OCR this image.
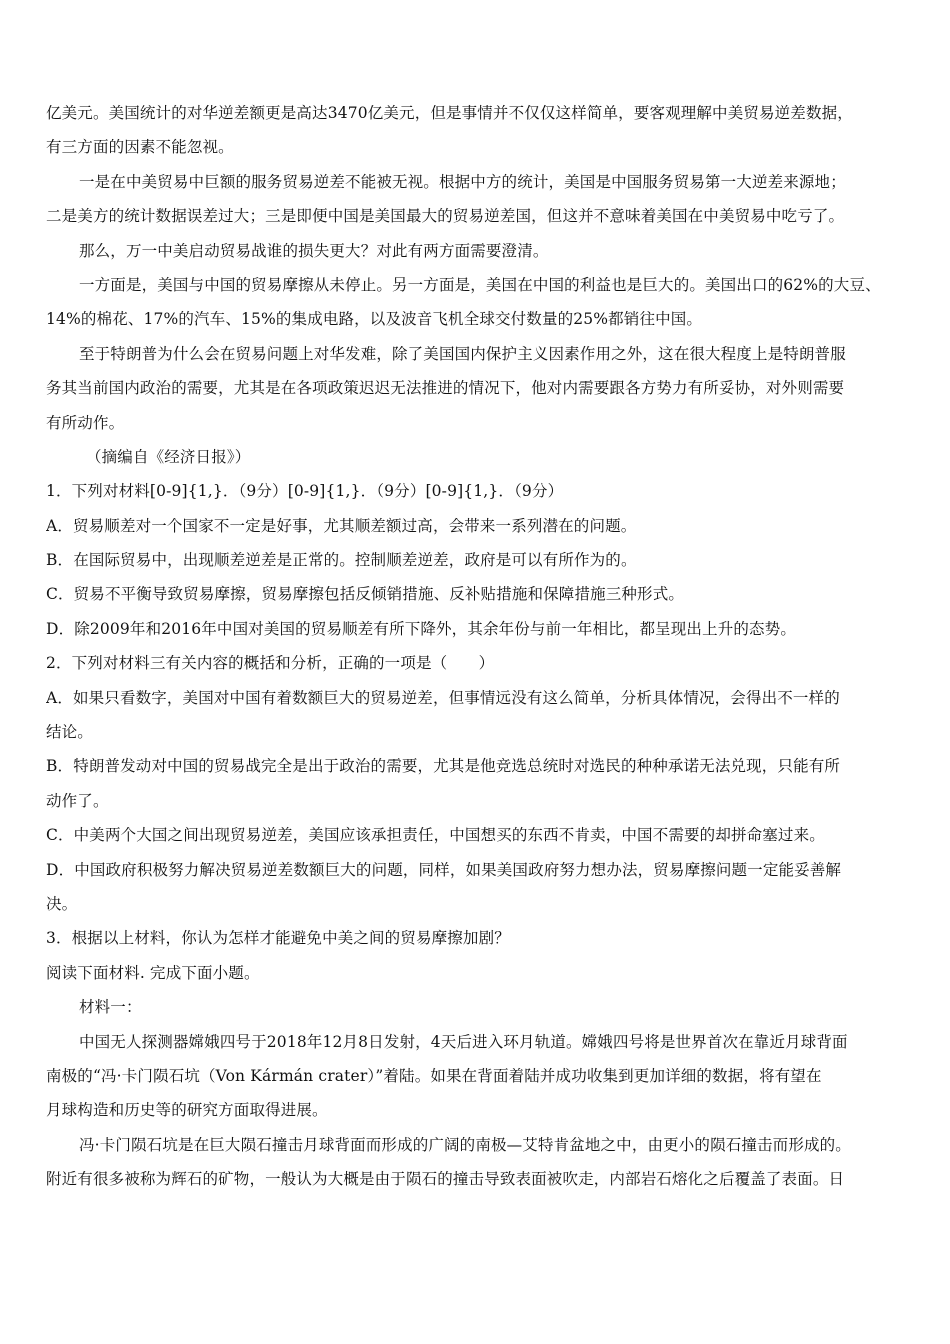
亿美元。美国统计的对华逆差额更是高达3470亿美元，但是事情并不仅仅这样简单，要客观理解中美贸易逆差数据，
有三方面的因素不能忽视。
一是在中美贸易中巨额的服务贸易逆差不能被无视。根据中方的统计，美国是中国服务贸易第一大逆差来源地；
二是美方的统计数据误差过大；三是即便中国是美国最大的贸易逆差国，但这并不意味着美国在中美贸易中吃亏了。
那么，万一中美启动贸易战谁的损失更大？对此有两方面需要澄清。
一方面是，美国与中国的贸易摩擦从未停止。另一方面是，美国在中国的利益也是巨大的。美国出口的62%的大豆、
14%的棉花、17%的汽车、15%的集成电路，以及波音飞机全球交付数量的25%都销往中国。
至于特朗普为什么会在贸易问题上对华发难，除了美国国内保护主义因素作用之外，这在很大程度上是特朗普服
务其当前国内政治的需要，尤其是在各项政策迟迟无法推进的情况下，他对内需要跟各方势力有所妥协，对外则需要
有所动作。
（摘编自《经济日报》）
1．下列对材料[0-9]{1,}．（9分）[0-9]{1,}．（9分）[0-9]{1,}．（9分）
A．贸易顺差对一个国家不一定是好事，尤其顺差额过高，会带来一系列潜在的问题。
B．在国际贸易中，出现顺差逆差是正常的。控制顺差逆差，政府是可以有所作为的。
C．贸易不平衡导致贸易摩擦，贸易摩擦包括反倾销措施、反补贴措施和保障措施三种形式。
D．除2009年和2016年中国对美国的贸易顺差有所下降外，其余年份与前一年相比，都呈现出上升的态势。
2．下列对材料三有关内容的概括和分析，正确的一项是（　　）
A．如果只看数字，美国对中国有着数额巨大的贸易逆差，但事情远没有这么简单，分析具体情况，会得出不一样的
结论。
B．特朗普发动对中国的贸易战完全是出于政治的需要，尤其是他竞选总统时对选民的种种承诺无法兑现，只能有所
动作了。
C．中美两个大国之间出现贸易逆差，美国应该承担责任，中国想买的东西不肯卖，中国不需要的却拼命塞过来。
D．中国政府积极努力解决贸易逆差数额巨大的问题，同样，如果美国政府努力想办法，贸易摩擦问题一定能妥善解
决。
3．根据以上材料，你认为怎样才能避免中美之间的贸易摩擦加剧？
阅读下面材料. 完成下面小题。
材料一：
中国无人探测器嫦娥四号于2018年12月8日发射，4天后进入环月轨道。嫦娥四号将是世界首次在靠近月球背面
南极的“冯·卡门陨石坑（Von Kármán crater）”着陆。如果在背面着陆并成功收集到更加详细的数据，将有望在
月球构造和历史等的研究方面取得进展。
冯·卡门陨石坑是在巨大陨石撞击月球背面而形成的广阔的南极—艾特肯盆地之中，由更小的陨石撞击而形成的。
附近有很多被称为辉石的矿物，一般认为大概是由于陨石的撞击导致表面被吹走，内部岩石熔化之后覆盖了表面。日
